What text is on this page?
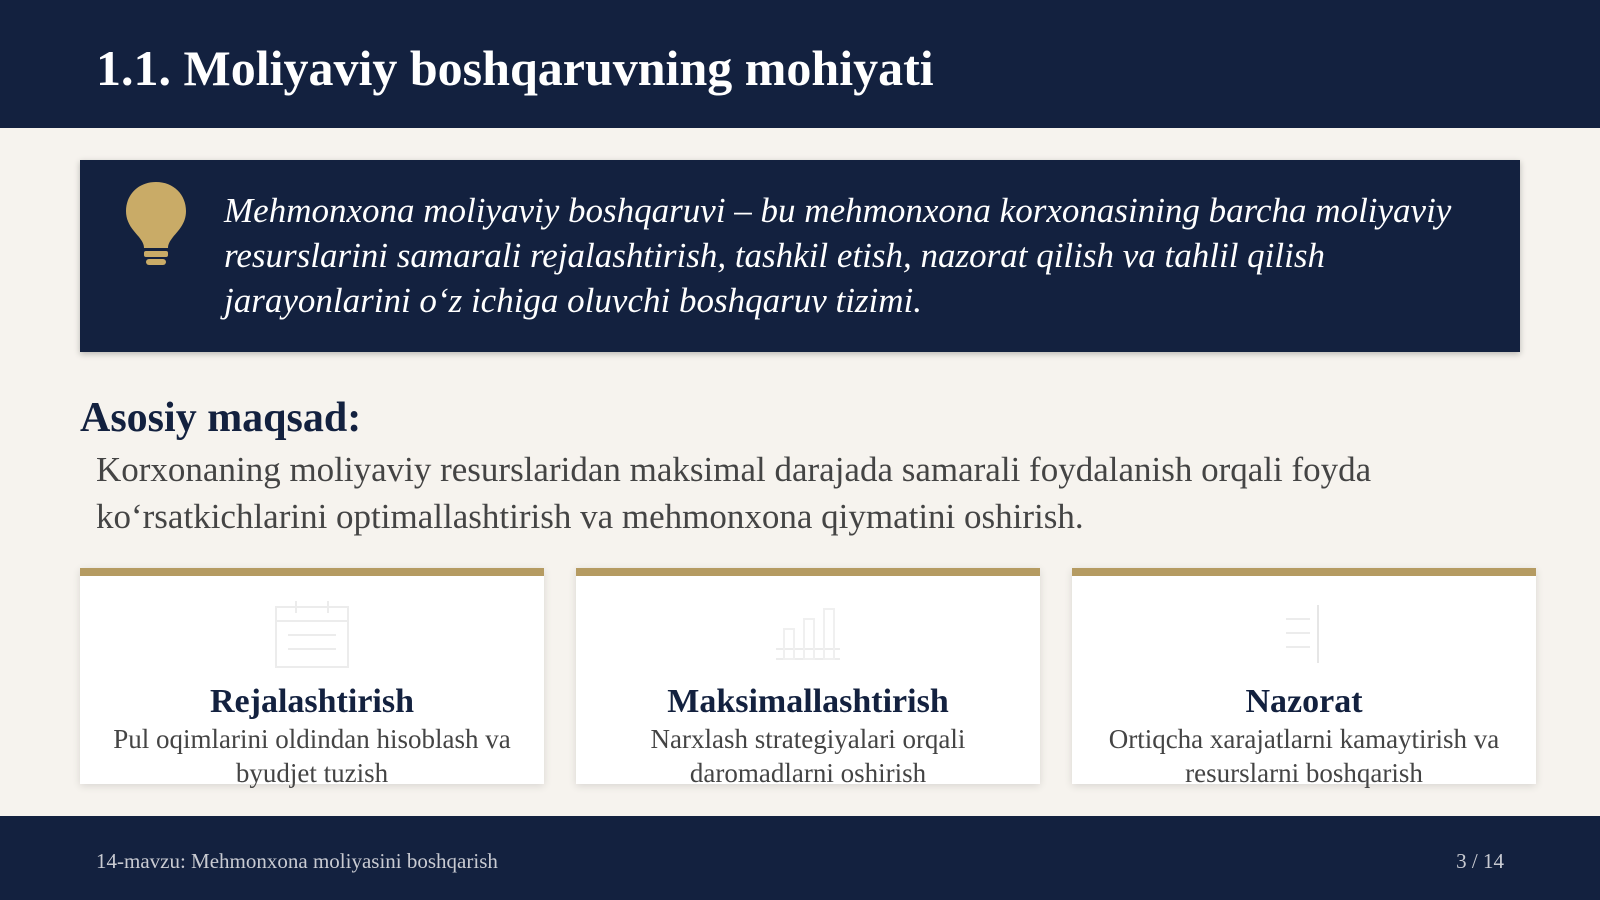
1.1. Moliyaviy boshqaruvning mohiyati

Mehmonxona moliyaviy boshqaruvi – bu mehmonxona korxonasining barcha moliyaviy resurslarini samarali rejalashtirish, tashkil etish, nazorat qilish va tahlil qilish jarayonlarini oʻz ichiga oluvchi boshqaruv tizimi.

Asosiy maqsad:

Korxonaning moliyaviy resurslaridan maksimal darajada samarali foydalanish orqali foyda koʻrsatkichlarini optimallashtirish va mehmonxona qiymatini oshirish.

Rejalashtirish

Pul oqimlarini oldindan hisoblash va byudjet tuzish

Maksimallashtirish

Narxlash strategiyalari orqali daromadlarni oshirish

Nazorat

Ortiqcha xarajatlarni kamaytirish va resurslarni boshqarish

14-mavzu: Mehmonxona moliyasini boshqarish	3 / 14
